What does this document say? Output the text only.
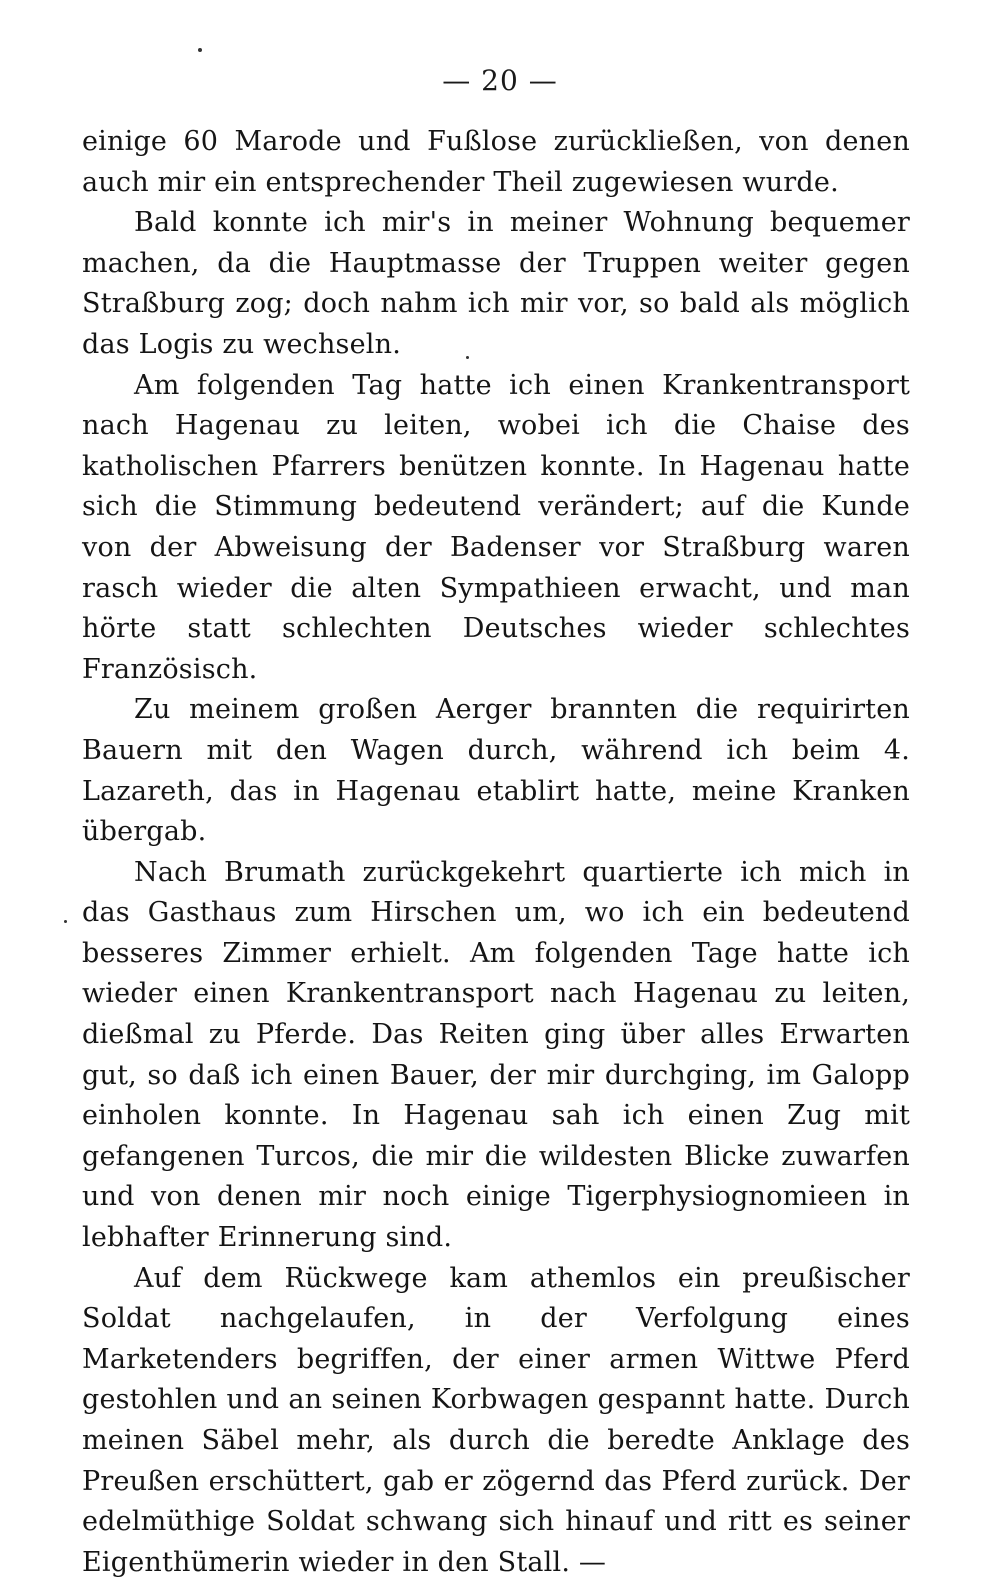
— 20 —

einige 60 Marode und Fußlose zurückließen, von denen auch mir ein entsprechender Theil zugewiesen wurde.

Bald konnte ich mir's in meiner Wohnung bequemer machen, da die Hauptmasse der Truppen weiter gegen Straßburg zog; doch nahm ich mir vor, so bald als möglich das Logis zu wechseln.

Am folgenden Tag hatte ich einen Krankentransport nach Hagenau zu leiten, wobei ich die Chaise des katholischen Pfarrers benützen konnte. In Hagenau hatte sich die Stimmung bedeutend verändert; auf die Kunde von der Abweisung der Badenser vor Straßburg waren rasch wieder die alten Sympathieen erwacht, und man hörte statt schlechten Deutsches wieder schlechtes Französisch.

Zu meinem großen Aerger brannten die requirirten Bauern mit den Wagen durch, während ich beim 4. Lazareth, das in Hagenau etablirt hatte, meine Kranken übergab.

Nach Brumath zurückgekehrt quartierte ich mich in das Gasthaus zum Hirschen um, wo ich ein bedeutend besseres Zimmer erhielt. Am folgenden Tage hatte ich wieder einen Krankentransport nach Hagenau zu leiten, dießmal zu Pferde. Das Reiten ging über alles Erwarten gut, so daß ich einen Bauer, der mir durchging, im Galopp einholen konnte. In Hagenau sah ich einen Zug mit gefangenen Turcos, die mir die wildesten Blicke zuwarfen und von denen mir noch einige Tigerphysiognomieen in lebhafter Erinnerung sind.

Auf dem Rückwege kam athemlos ein preußischer Soldat nachgelaufen, in der Verfolgung eines Marketenders begriffen, der einer armen Wittwe Pferd gestohlen und an seinen Korbwagen gespannt hatte. Durch meinen Säbel mehr, als durch die beredte Anklage des Preußen erschüttert, gab er zögernd das Pferd zurück. Der edelmüthige Soldat schwang sich hinauf und ritt es seiner Eigenthümerin wieder in den Stall. —
